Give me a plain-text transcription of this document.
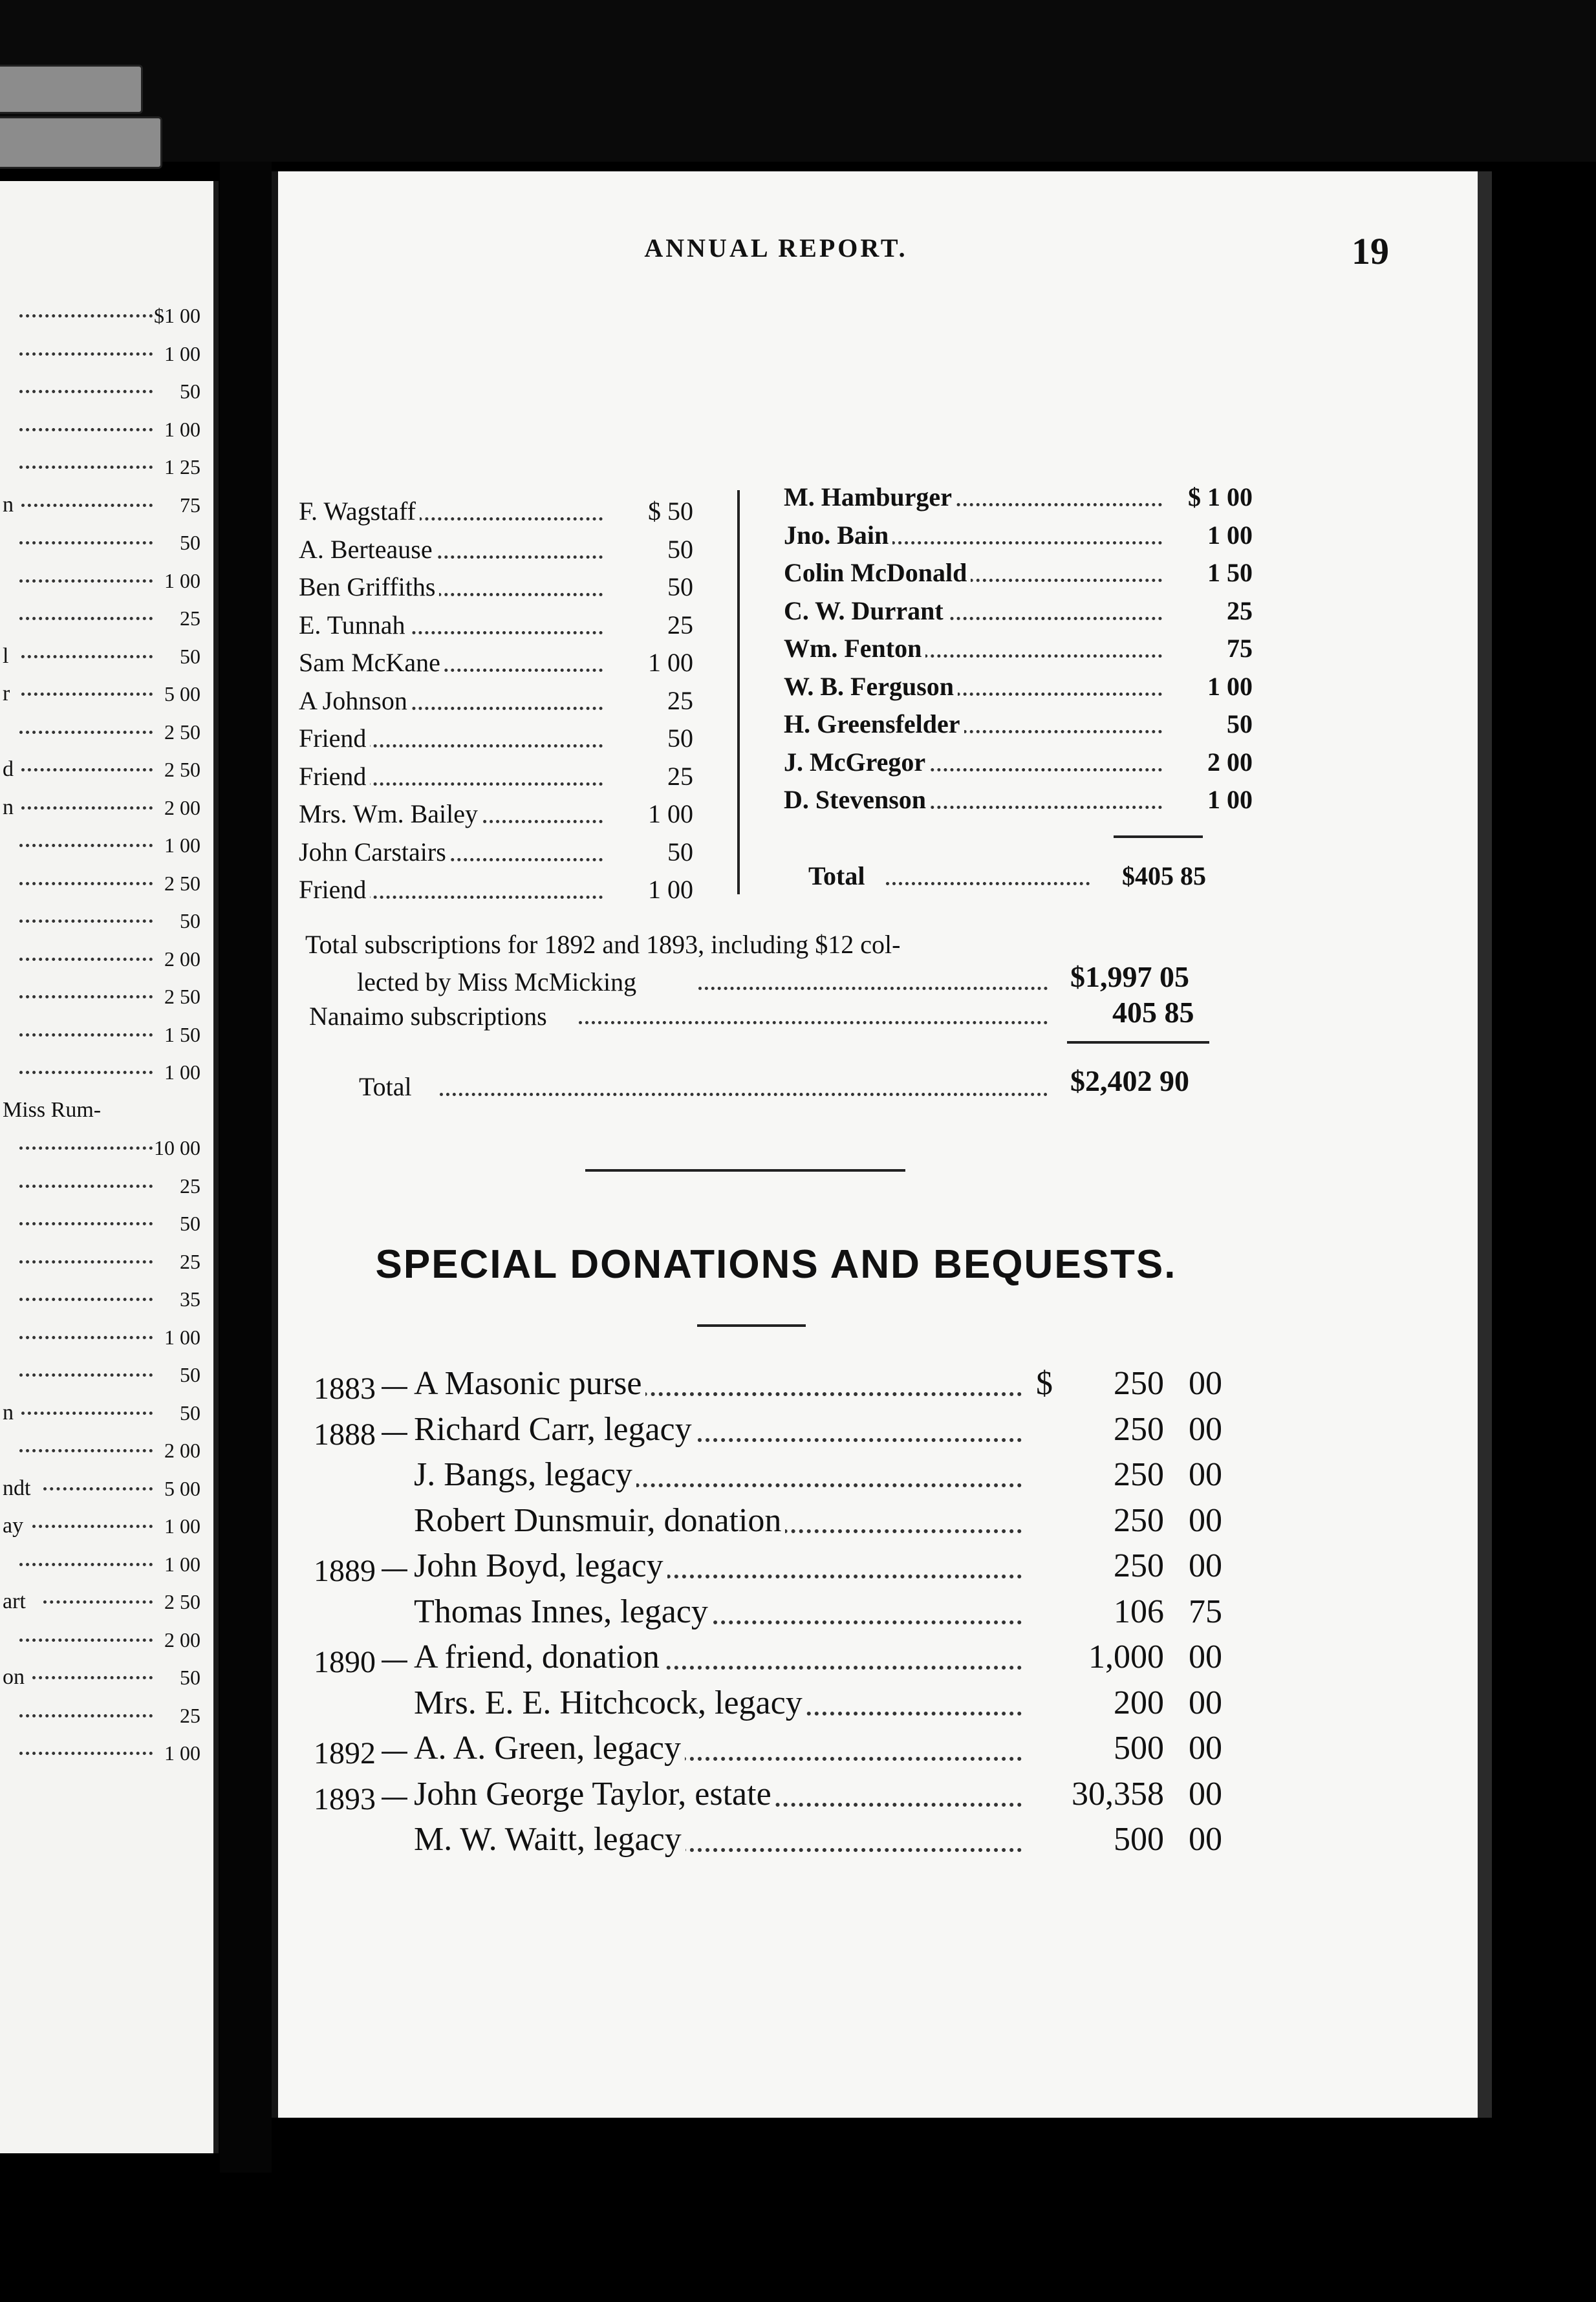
$1 00
1 00
50
1 00
1 25
n	75
50
1 00
25
l	50
r	5 00
2 50
d	2 50
n	2 00
1 00
2 50
50
2 00
2 50
1 50
1 00
Miss Rum-
10 00
25
50
25
35
1 00
50
n	50
2 00
ndt	5 00
ay	1 00
1 00
art	2 50
2 00
on	50
25
1 00
ANNUAL REPORT.	19
F. Wagstaff	$ 50
A. Berteause	50
Ben Griffiths	50
E. Tunnah	25
Sam McKane	1 00
A Johnson	25
Friend	50
Friend	25
Mrs. Wm. Bailey	1 00
John Carstairs	50
Friend	1 00
M. Hamburger	$ 1 00
Jno. Bain	1 00
Colin McDonald	1 50
C. W. Durrant	25
Wm. Fenton	75
W. B. Ferguson	1 00
H. Greensfelder	50
J. McGregor	2 00
D. Stevenson	1 00
Total	$405 85
Total subscriptions for 1892 and 1893, including $12 col-
lected by Miss McMicking	$1,997 05
Nanaimo subscriptions	405 85
Total	$2,402 90
SPECIAL DONATIONS AND BEQUESTS.
1883 A Masonic purse	$ 250 00
1888 Richard Carr, legacy	250 00
J. Bangs, legacy	250 00
Robert Dunsmuir, donation	250 00
1889 John Boyd, legacy	250 00
Thomas Innes, legacy	106 75
1890 A friend, donation	1,000 00
Mrs. E. E. Hitchcock, legacy	200 00
1892 A. A. Green, legacy	500 00
1893 John George Taylor, estate	30,358 00
M. W. Waitt, legacy	500 00
